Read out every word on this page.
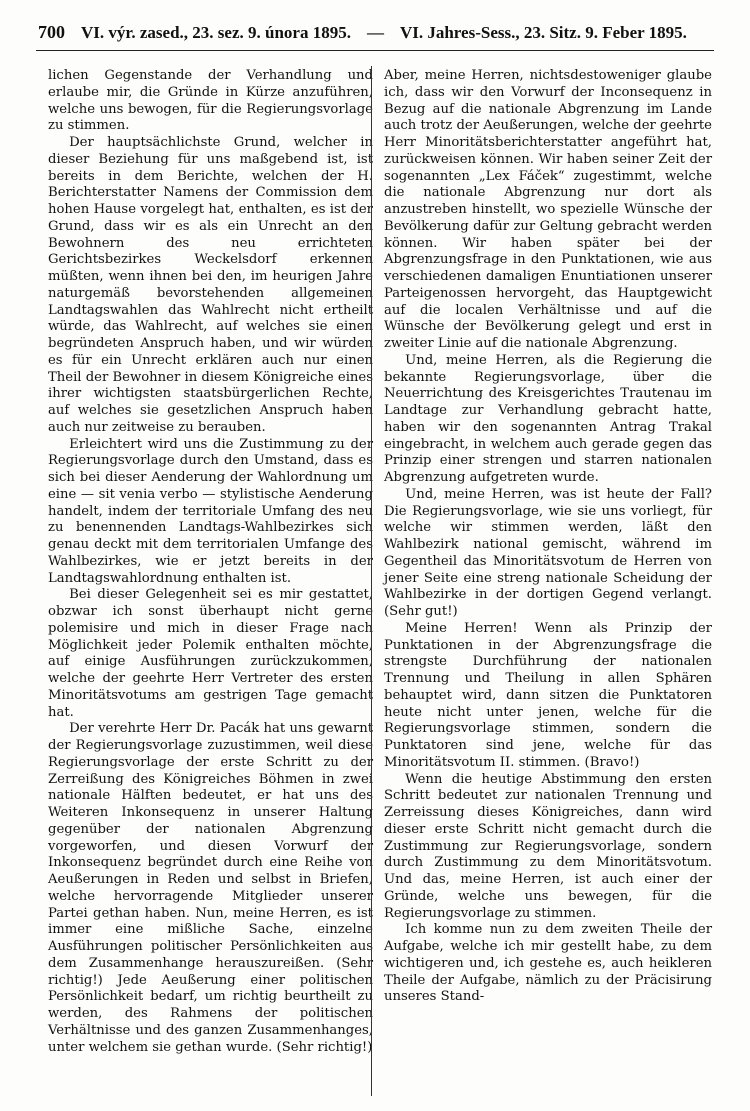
700 VI. výr. zased., 23. sez. 9. února 1895. — VI. Jahres-Sess., 23. Sitz. 9. Feber 1895.

lichen Gegenstande der Verhandlung und erlaube mir, die Gründe in Kürze anzuführen, welche uns bewogen, für die Regierungsvorlage zu stimmen.

Der hauptsächlichste Grund, welcher in dieser Beziehung für uns maßgebend ist, ist bereits in dem Berichte, welchen der H. Berichterstatter Namens der Commission dem hohen Hause vorgelegt hat, enthalten, es ist der Grund, dass wir es als ein Unrecht an den Bewohnern des neu errichteten Gerichtsbezirkes Weckelsdorf erkennen müßten, wenn ihnen bei den, im heurigen Jahre naturgemäß bevorstehenden allgemeinen Landtagswahlen das Wahlrecht nicht ertheilt würde, das Wahlrecht, auf welches sie einen begründeten Anspruch haben, und wir würden es für ein Unrecht erklären auch nur einen Theil der Bewohner in diesem Königreiche eines ihrer wichtigsten staatsbürgerlichen Rechte, auf welches sie gesetzlichen Anspruch haben auch nur zeitweise zu berauben.

Erleichtert wird uns die Zustimmung zu der Regierungsvorlage durch den Umstand, dass es sich bei dieser Aenderung der Wahlordnung um eine — sit venia verbo — stylistische Aenderung handelt, indem der territoriale Umfang des neu zu benennenden Landtags-Wahlbezirkes sich genau deckt mit dem territorialen Umfange des Wahlbezirkes, wie er jetzt bereits in der Landtagswahlordnung enthalten ist.

Bei dieser Gelegenheit sei es mir gestattet, obzwar ich sonst überhaupt nicht gerne polemisire und mich in dieser Frage nach Möglichkeit jeder Polemik enthalten möchte, auf einige Ausführungen zurückzukommen, welche der geehrte Herr Vertreter des ersten Minoritätsvotums am gestrigen Tage gemacht hat.

Der verehrte Herr Dr. Pacák hat uns gewarnt der Regierungsvorlage zuzustimmen, weil diese Regierungsvorlage der erste Schritt zu der Zerreißung des Königreiches Böhmen in zwei nationale Hälften bedeutet, er hat uns des Weiteren Inkonsequenz in unserer Haltung gegenüber der nationalen Abgrenzung vorgeworfen, und diesen Vorwurf der Inkonsequenz begründet durch eine Reihe von Aeußerungen in Reden und selbst in Briefen, welche hervorragende Mitglieder unserer Partei gethan haben. Nun, meine Herren, es ist immer eine mißliche Sache, einzelne Ausführungen politischer Persönlichkeiten aus dem Zusammenhange herauszureißen. (Sehr richtig!) Jede Aeußerung einer politischen Persönlichkeit bedarf, um richtig beurtheilt zu werden, des Rahmens der politischen Verhältnisse und des ganzen Zusammenhanges, unter welchem sie gethan wurde. (Sehr richtig!)

Aber, meine Herren, nichtsdestoweniger glaube ich, dass wir den Vorwurf der Inconsequenz in Bezug auf die nationale Abgrenzung im Lande auch trotz der Aeußerungen, welche der geehrte Herr Minoritätsberichterstatter angeführt hat, zurückweisen können. Wir haben seiner Zeit der sogenannten „Lex Fáček“ zugestimmt, welche die nationale Abgrenzung nur dort als anzustreben hinstellt, wo spezielle Wünsche der Bevölkerung dafür zur Geltung gebracht werden können. Wir haben später bei der Abgrenzungsfrage in den Punktationen, wie aus verschiedenen damaligen Enuntiationen unserer Parteigenossen hervorgeht, das Hauptgewicht auf die localen Verhältnisse und auf die Wünsche der Bevölkerung gelegt und erst in zweiter Linie auf die nationale Abgrenzung.

Und, meine Herren, als die Regierung die bekannte Regierungsvorlage, über die Neuerrichtung des Kreisgerichtes Trautenau im Landtage zur Verhandlung gebracht hatte, haben wir den sogenannten Antrag Trakal eingebracht, in welchem auch gerade gegen das Prinzip einer strengen und starren nationalen Abgrenzung aufgetreten wurde.

Und, meine Herren, was ist heute der Fall? Die Regierungsvorlage, wie sie uns vorliegt, für welche wir stimmen werden, läßt den Wahlbezirk national gemischt, während im Gegentheil das Minoritätsvotum de Herren von jener Seite eine streng nationale Scheidung der Wahlbezirke in der dortigen Gegend verlangt. (Sehr gut!)

Meine Herren! Wenn als Prinzip der Punktationen in der Abgrenzungsfrage die strengste Durchführung der nationalen Trennung und Theilung in allen Sphären behauptet wird, dann sitzen die Punktatoren heute nicht unter jenen, welche für die Regierungsvorlage stimmen, sondern die Punktatoren sind jene, welche für das Minoritätsvotum II. stimmen. (Bravo!)

Wenn die heutige Abstimmung den ersten Schritt bedeutet zur nationalen Trennung und Zerreissung dieses Königreiches, dann wird dieser erste Schritt nicht gemacht durch die Zustimmung zur Regierungsvorlage, sondern durch Zustimmung zu dem Minoritätsvotum. Und das, meine Herren, ist auch einer der Gründe, welche uns bewegen, für die Regierungsvorlage zu stimmen.

Ich komme nun zu dem zweiten Theile der Aufgabe, welche ich mir gestellt habe, zu dem wichtigeren und, ich gestehe es, auch heikleren Theile der Aufgabe, nämlich zu der Präcisirung unseres Stand-
